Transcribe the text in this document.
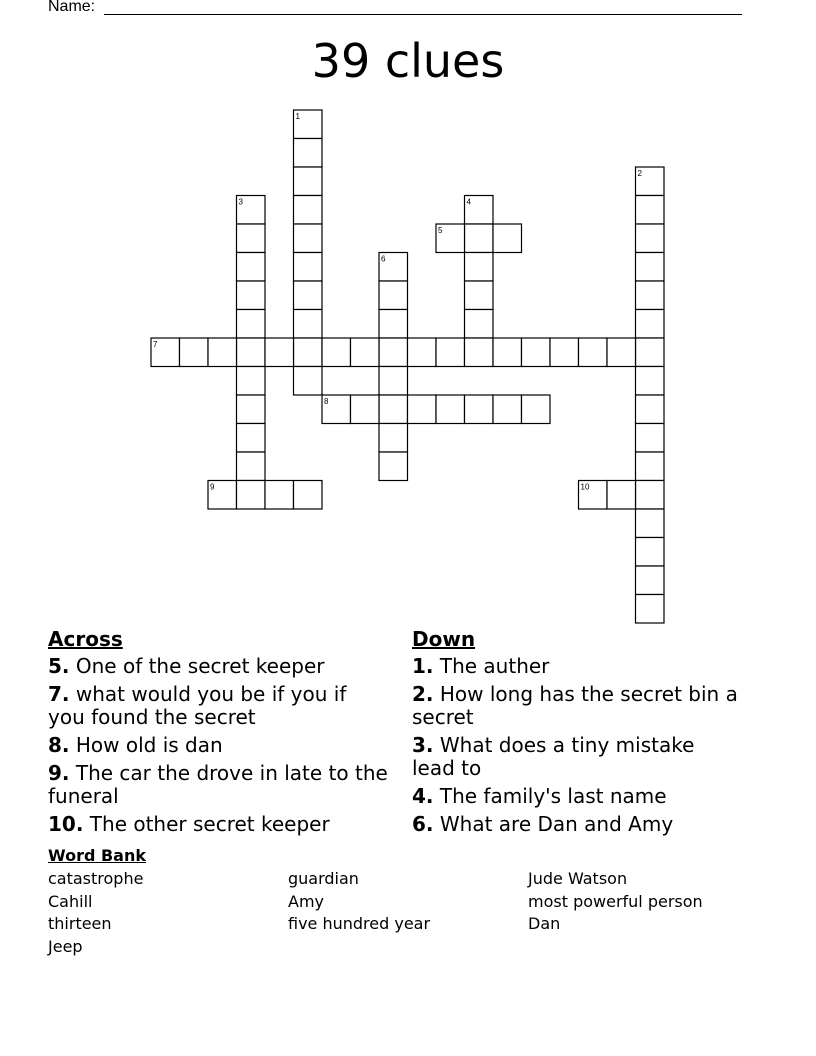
Name:
39 clues
1
2
3	4
5
6
7
8
9	10
Across
5. One of the secret keeper
7. what would you be if you if you found the secret
8. How old is dan
9. The car the drove in late to the funeral
10. The other secret keeper
Down
1. The auther
2. How long has the secret bin a secret
3. What does a tiny mistake lead to
4. The family's last name
6. What are Dan and Amy
Word Bank
catastrophe
Cahill
thirteen
Jeep
guardian
Amy
five hundred year
Jude Watson
most powerful person
Dan
